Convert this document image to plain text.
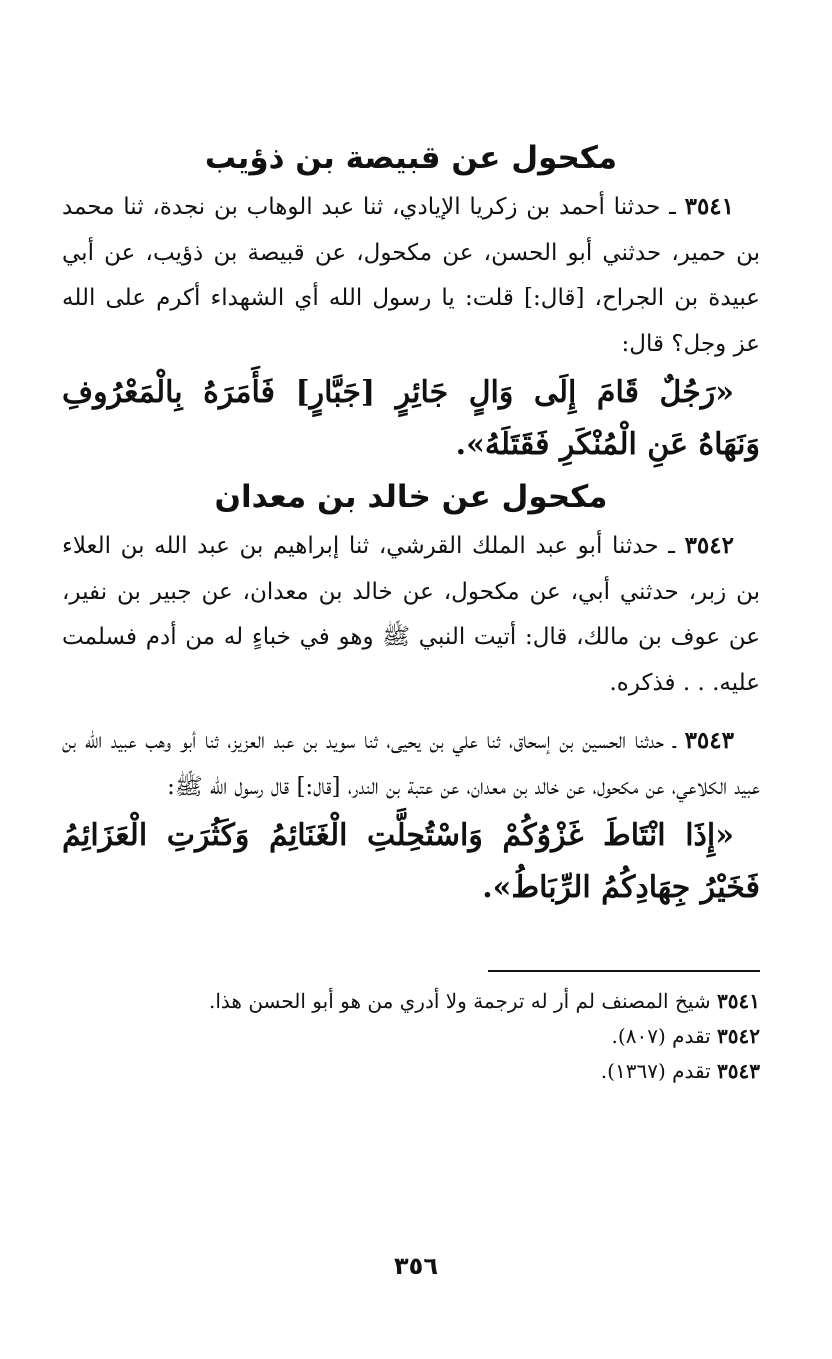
مكحول عن قبيصة بن ذؤيب

٣٥٤١ ـ حدثنا أحمد بن زكريا الإيادي، ثنا عبد الوهاب بن نجدة، ثنا محمد بن حمير، حدثني أبو الحسن، عن مكحول، عن قبيصة بن ذؤيب، عن أبي عبيدة بن الجراح، [قال:] قلت: يا رسول الله أي الشهداء أكرم على الله عز وجل؟ قال:

«رَجُلٌ قَامَ إِلَى وَالٍ جَائِرٍ [جَبَّارٍ] فَأَمَرَهُ بِالْمَعْرُوفِ وَنَهَاهُ عَنِ الْمُنْكَرِ فَقَتَلَهُ».

مكحول عن خالد بن معدان

٣٥٤٢ ـ حدثنا أبو عبد الملك القرشي، ثنا إبراهيم بن عبد الله بن العلاء بن زبر، حدثني أبي، عن مكحول، عن خالد بن معدان، عن جبير بن نفير، عن عوف بن مالك، قال: أتيت النبي ﷺ وهو في خباءٍ له من أدم فسلمت عليه. . . فذكره.

٣٥٤٣ ـ حدثنا الحسين بن إسحاق، ثنا علي بن يحيى، ثنا سويد بن عبد العزيز، ثنا أبو وهب عبيد الله بن عبيد الكلاعي، عن مكحول، عن خالد بن معدان، عن عتبة بن الندر، [قال:] قال رسول الله ﷺ:

«إِذَا انْتَاطَ غَزْوُكُمْ وَاسْتُحِلَّتِ الْغَنَائِمُ وَكَثُرَتِ الْعَزَائِمُ فَخَيْرُ جِهَادِكُمُ الرِّبَاطُ».

٣٥٤١ شيخ المصنف لم أر له ترجمة ولا أدري من هو أبو الحسن هذا.
٣٥٤٢ تقدم (٨٠٧).
٣٥٤٣ تقدم (١٣٦٧).
٣٥٦
